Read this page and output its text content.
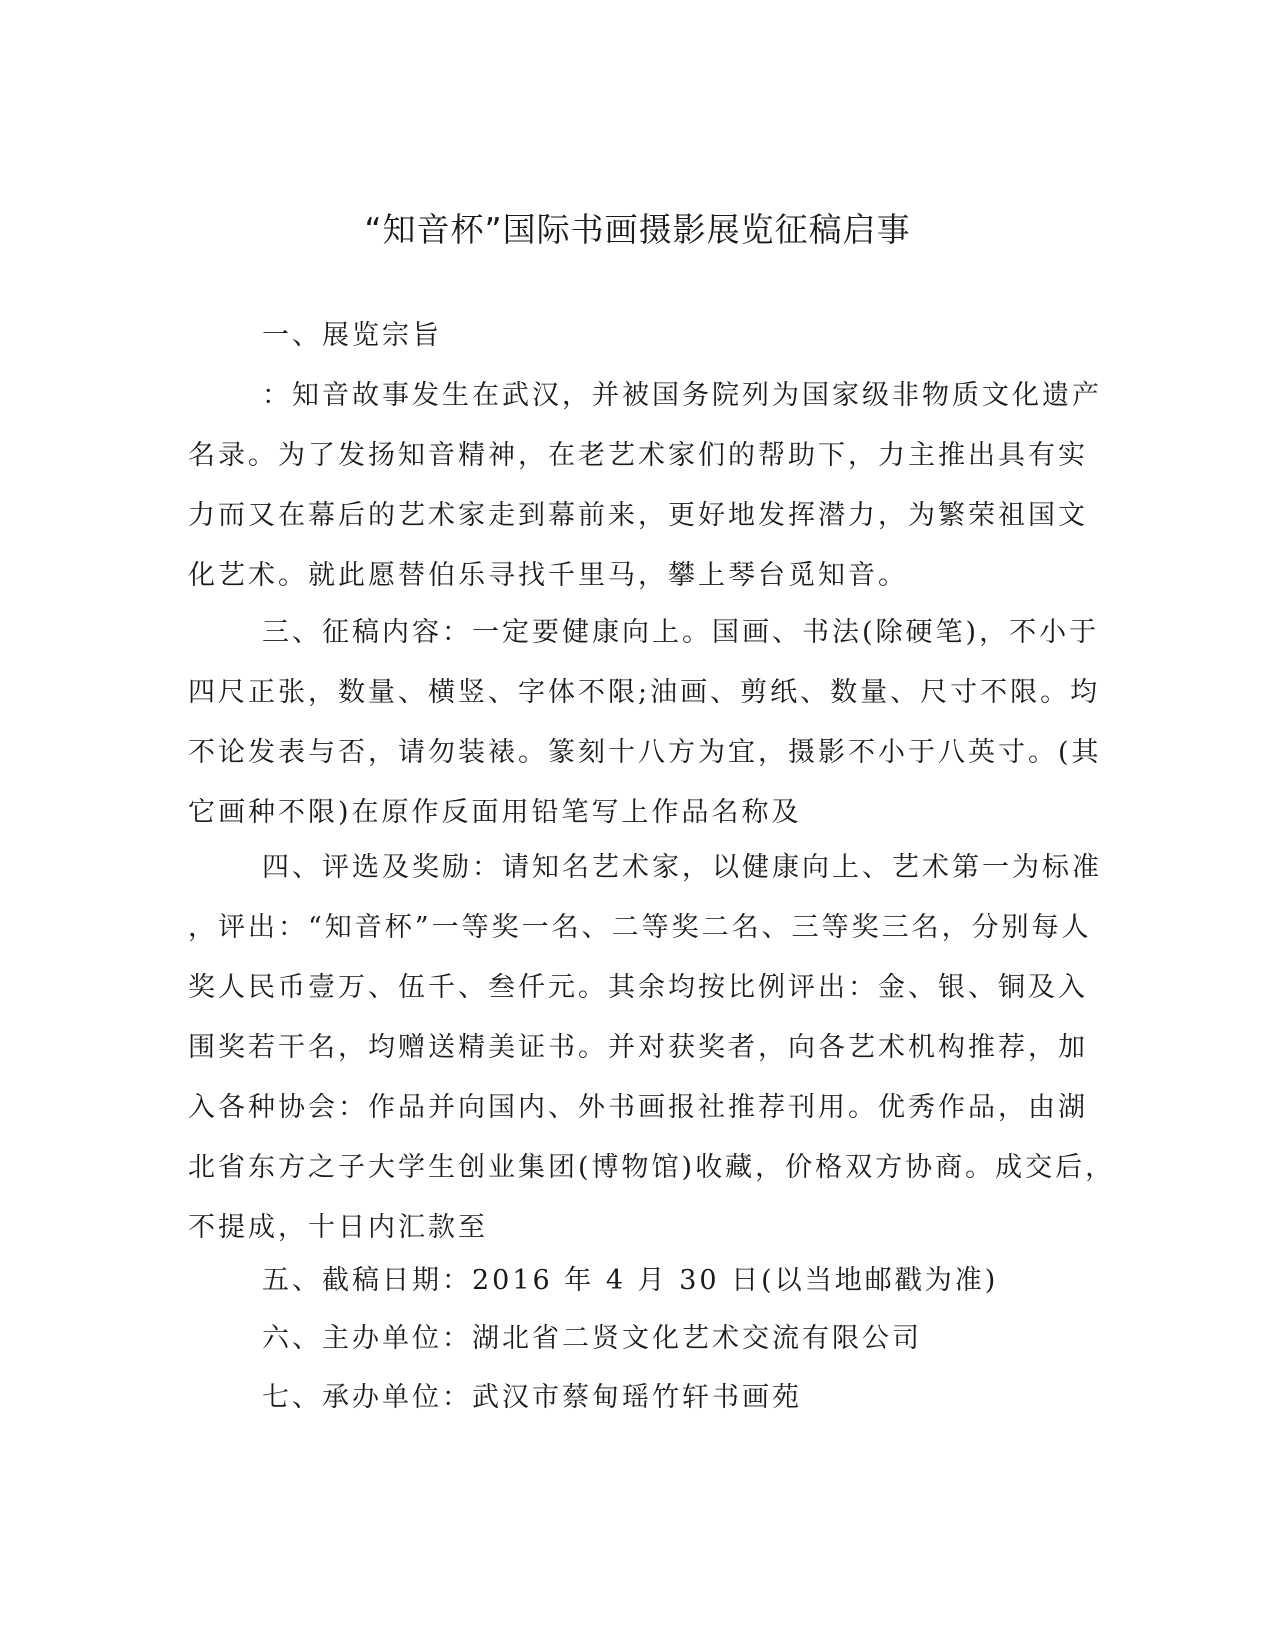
“知音杯”国际书画摄影展览征稿启事
一、展览宗旨
：知音故事发生在武汉，并被国务院列为国家级非物质文化遗产
名录。为了发扬知音精神，在老艺术家们的帮助下，力主推出具有实
力而又在幕后的艺术家走到幕前来，更好地发挥潜力，为繁荣祖国文
化艺术。就此愿替伯乐寻找千里马，攀上琴台觅知音。
三、征稿内容：一定要健康向上。国画、书法(除硬笔)，不小于
四尺正张，数量、横竖、字体不限;油画、剪纸、数量、尺寸不限。均
不论发表与否，请勿装裱。篆刻十八方为宜，摄影不小于八英寸。(其
它画种不限)在原作反面用铅笔写上作品名称及
四、评选及奖励：请知名艺术家，以健康向上、艺术第一为标准
，评出：“知音杯”一等奖一名、二等奖二名、三等奖三名，分别每人
奖人民币壹万、伍千、叁仟元。其余均按比例评出：金、银、铜及入
围奖若干名，均赠送精美证书。并对获奖者，向各艺术机构推荐，加
入各种协会：作品并向国内、外书画报社推荐刊用。优秀作品，由湖
北省东方之子大学生创业集团(博物馆)收藏，价格双方协商。成交后，
不提成，十日内汇款至
五、截稿日期：2016 年 4 月 30 日(以当地邮戳为准)
六、主办单位：湖北省二贤文化艺术交流有限公司
七、承办单位：武汉市蔡甸瑶竹轩书画苑
